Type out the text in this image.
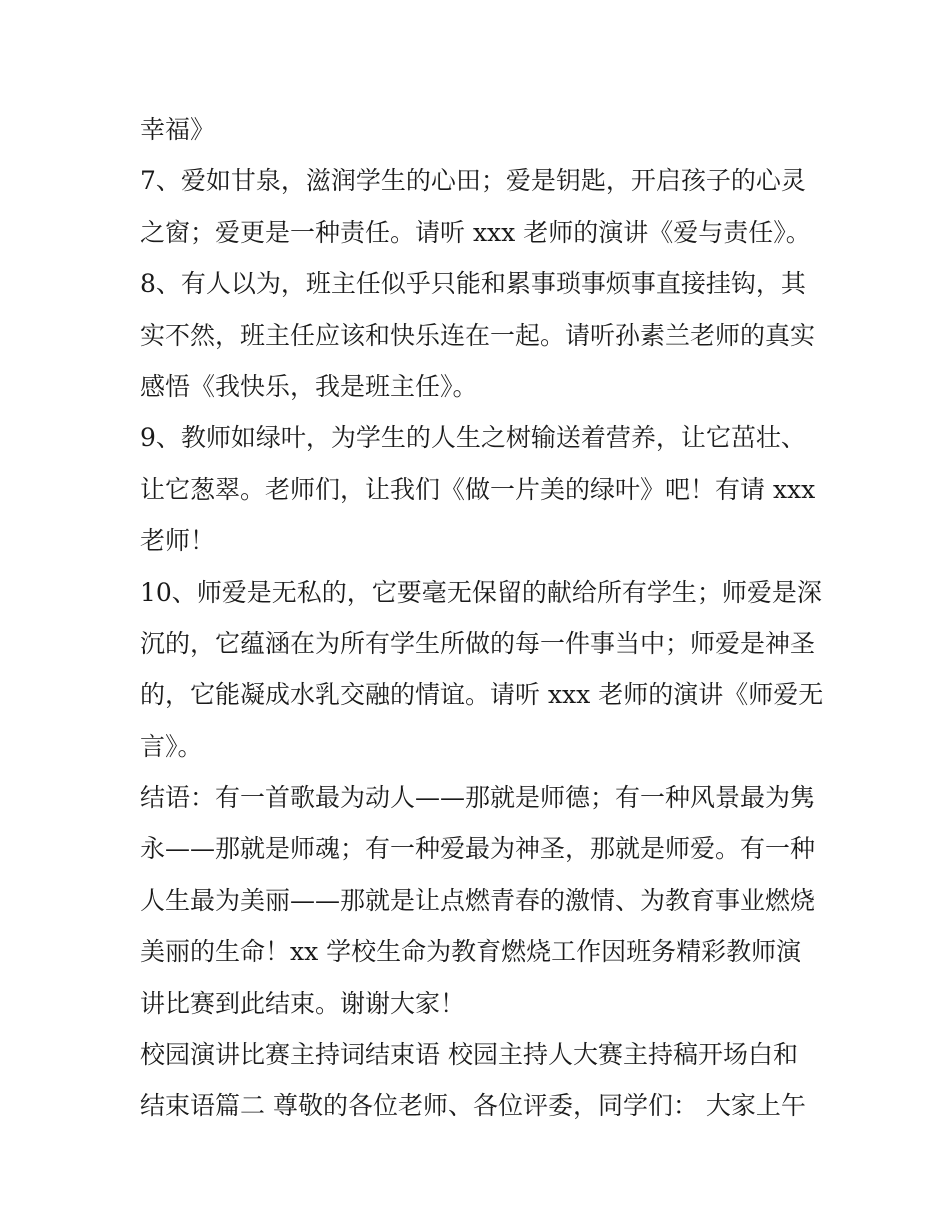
幸福》
7、爱如甘泉，滋润学生的心田；爱是钥匙，开启孩子的心灵
之窗；爱更是一种责任。请听 xxx 老师的演讲《爱与责任》。
8、有人以为，班主任似乎只能和累事琐事烦事直接挂钩，其
实不然，班主任应该和快乐连在一起。请听孙素兰老师的真实
感悟《我快乐，我是班主任》。
9、教师如绿叶，为学生的人生之树输送着营养，让它茁壮、
让它葱翠。老师们，让我们《做一片美的绿叶》吧！有请 xxx
老师！
10、师爱是无私的，它要毫无保留的献给所有学生；师爱是深
沉的，它蕴涵在为所有学生所做的每一件事当中；师爱是神圣
的，它能凝成水乳交融的情谊。请听 xxx 老师的演讲《师爱无
言》。
结语：有一首歌最为动人——那就是师德；有一种风景最为隽
永——那就是师魂；有一种爱最为神圣，那就是师爱。有一种
人生最为美丽——那就是让点燃青春的激情、为教育事业燃烧
美丽的生命！xx 学校生命为教育燃烧工作因班务精彩教师演
讲比赛到此结束。谢谢大家！
校园演讲比赛主持词结束语 校园主持人大赛主持稿开场白和
结束语篇二 尊敬的各位老师、各位评委，同学们： 大家上午
